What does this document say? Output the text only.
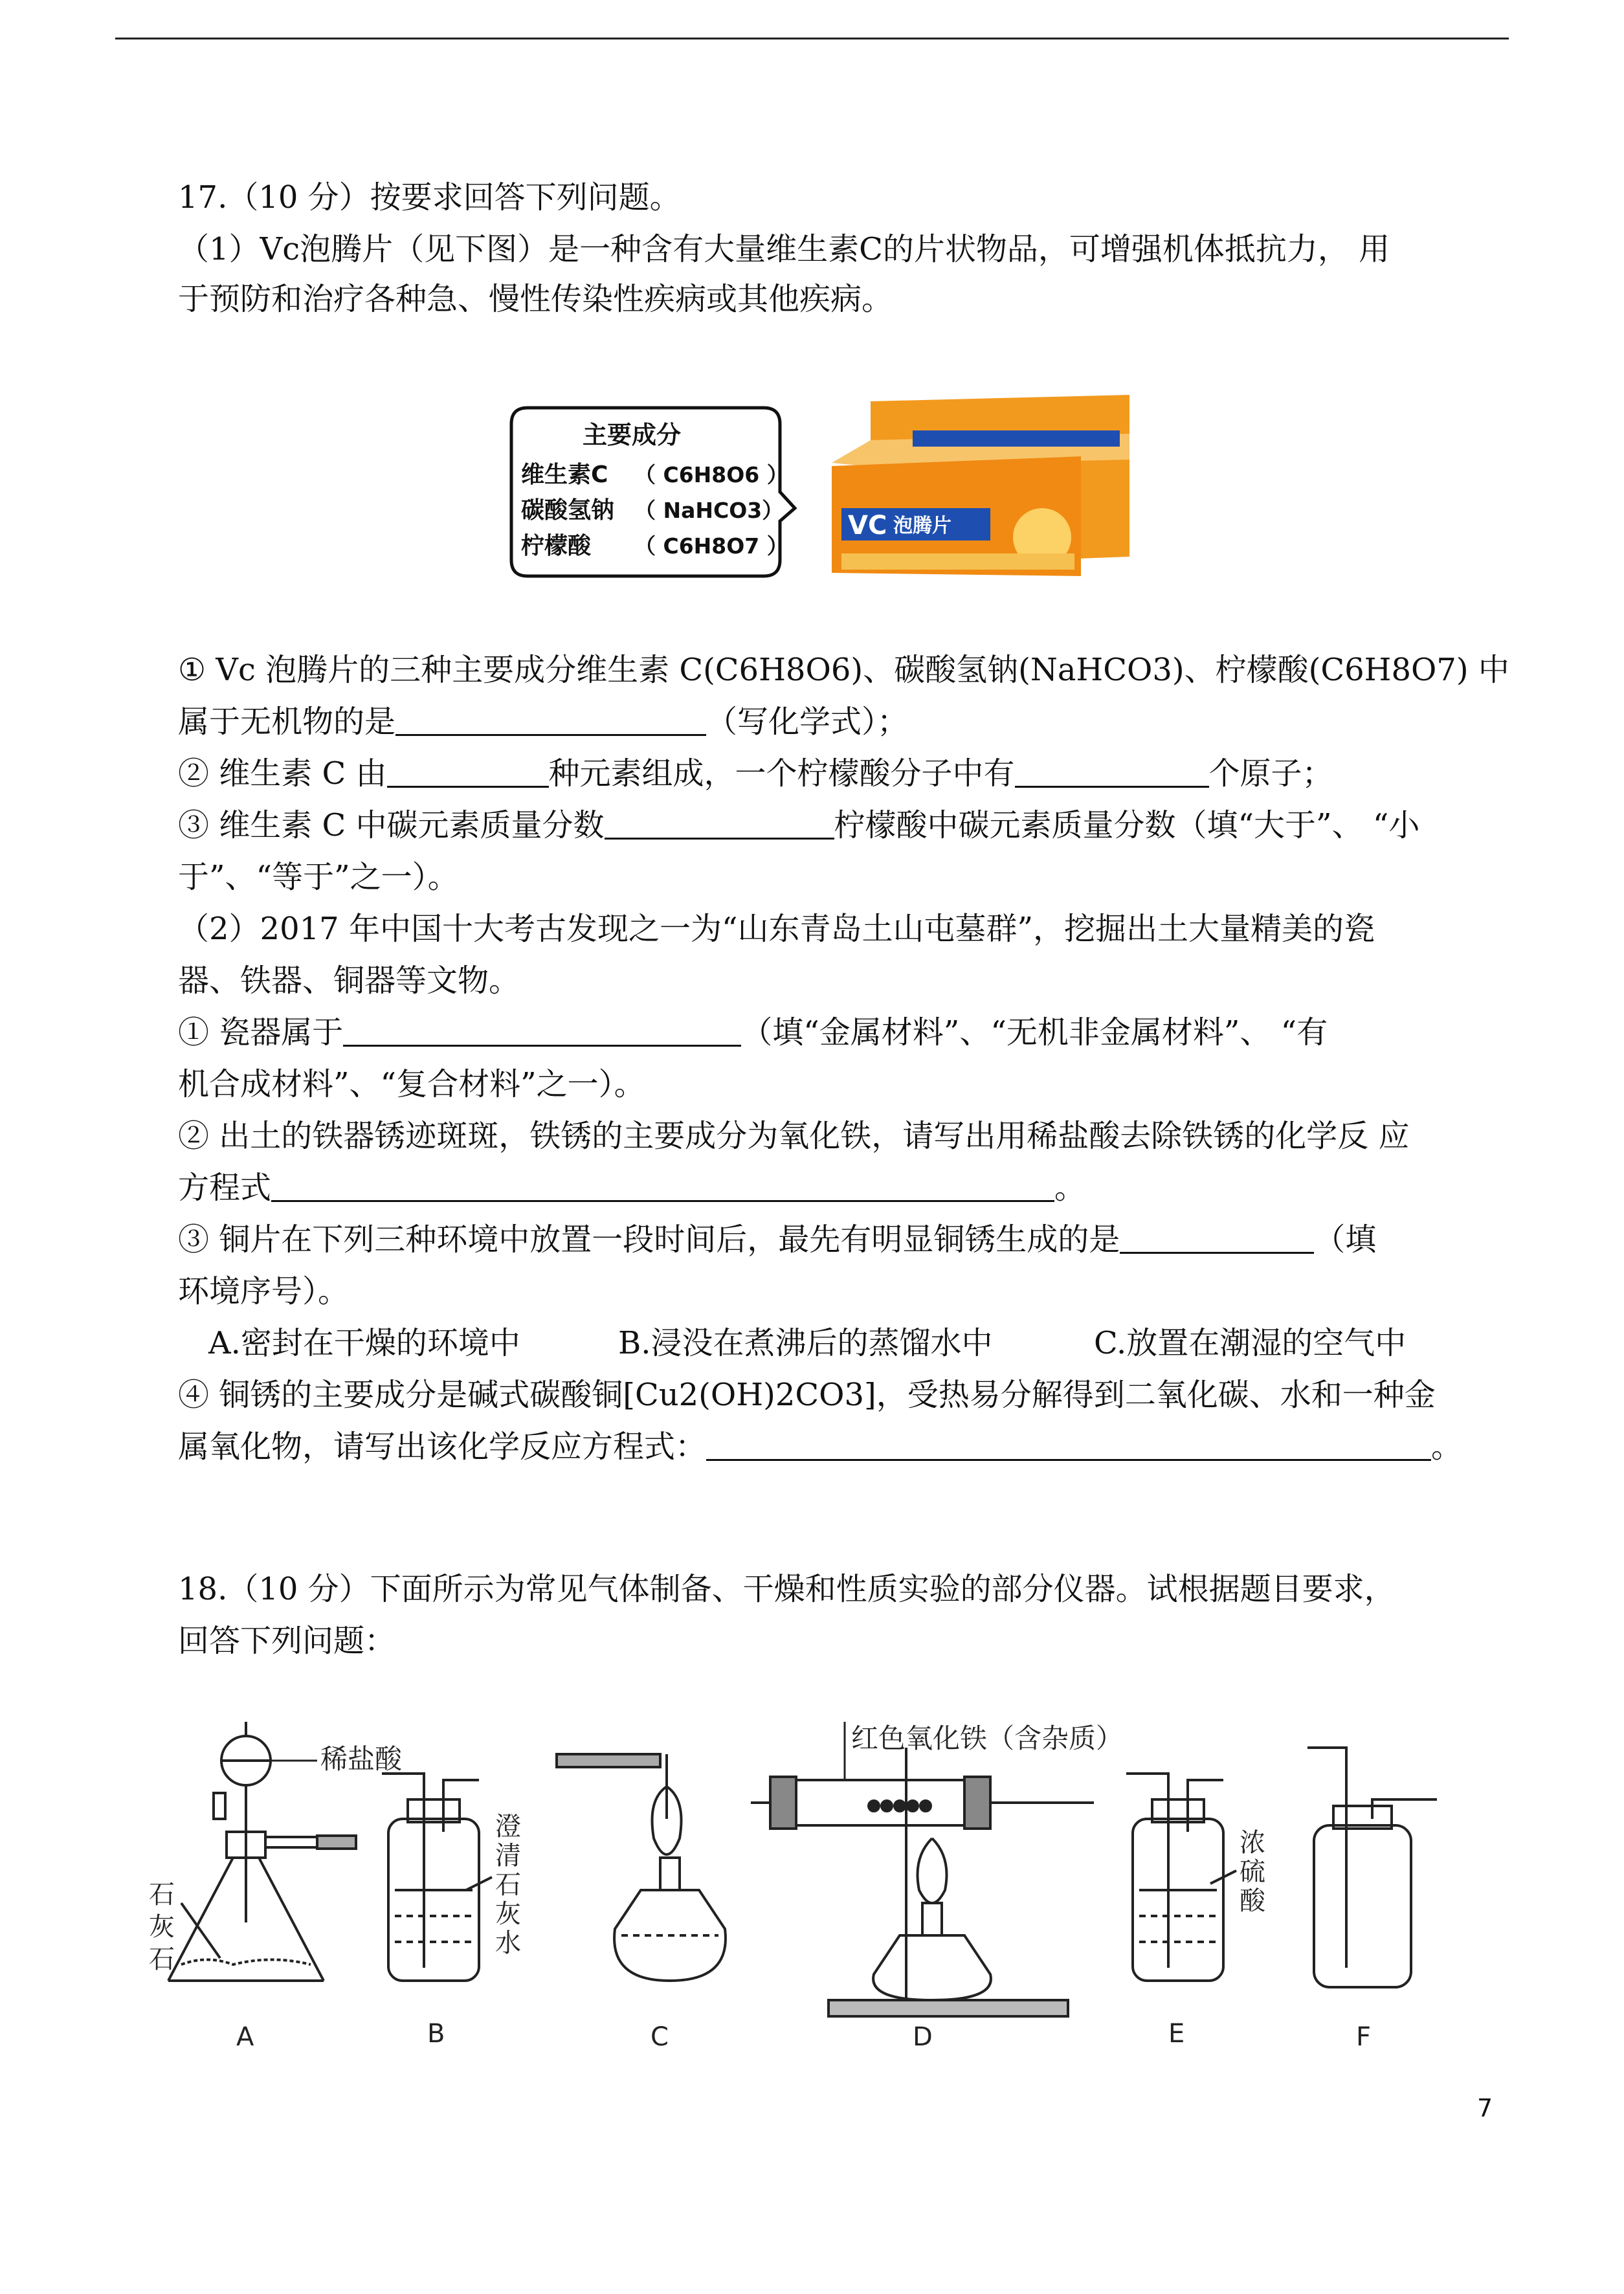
17.（10 分）按要求回答下列问题。
（1）Vc泡腾片（见下图）是一种含有大量维生素C的片状物品，可增强机体抵抗力， 用
于预防和治疗各种急、慢性传染性疾病或其他疾病。
主要成分
维生素C （ C6H8O6 ）
碳酸氢钠 （ NaHCO3）
柠檬酸 （ C6H8O7 ）
VC 泡腾片
① Vc 泡腾片的三种主要成分维生素 C(C6H8O6)、碳酸氢钠(NaHCO3)、柠檬酸(C6H8O7) 中
属于无机物的是	（写化学式）；
② 维生素 C 由	种元素组成，一个柠檬酸分子中有	个原子；
③ 维生素 C 中碳元素质量分数	柠檬酸中碳元素质量分数（填“大于”、 “小
于”、“等于”之一）。
（2）2017 年中国十大考古发现之一为“山东青岛土山屯墓群”，挖掘出土大量精美的瓷
器、铁器、铜器等文物。
① 瓷器属于	（填“金属材料”、“无机非金属材料”、 “有
机合成材料”、“复合材料”之一）。
② 出土的铁器锈迹斑斑，铁锈的主要成分为氧化铁，请写出用稀盐酸去除铁锈的化学反 应
方程式	。
③ 铜片在下列三种环境中放置一段时间后，最先有明显铜锈生成的是	（填
环境序号）。
A.密封在干燥的环境中	B.浸没在煮沸后的蒸馏水中	C.放置在潮湿的空气中
④ 铜锈的主要成分是碱式碳酸铜[Cu2(OH)2CO3]，受热易分解得到二氧化碳、水和一种金
属氧化物，请写出该化学反应方程式：	。
18.（10 分）下面所示为常见气体制备、干燥和性质实验的部分仪器。试根据题目要求，
回答下列问题：
稀盐酸
石
灰
石
澄
清
石
灰
水
红色氧化铁（含杂质）
浓
硫
酸
A	B	C	D	E	F
7
